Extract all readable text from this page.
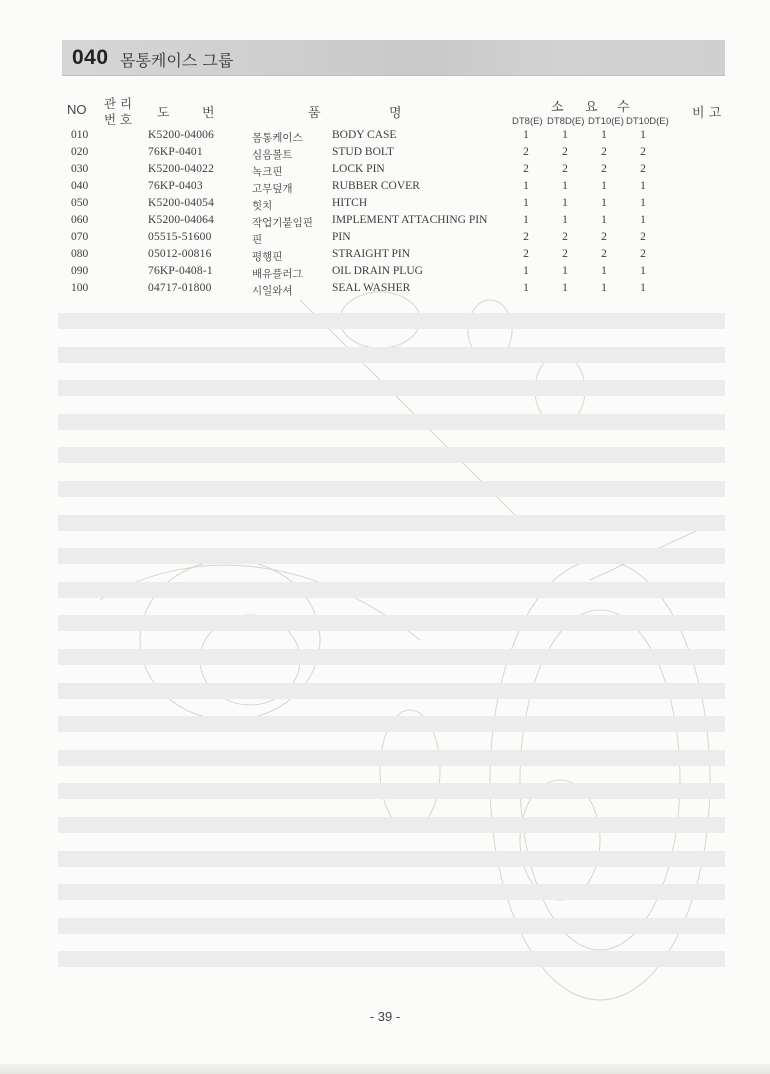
040 몸통케이스 그룹
NO 관 리
번 호 도 번	품	명	소 요 수	비 고
DT8(E) DT8D(E) DT10(E) DT10D(E)
010	K5200-04006	몸통케이스	BODY CASE	1	1	1	1
020	76KP-0401	심음볼트	STUD BOLT	2	2	2	2
030	K5200-04022	녹크핀	LOCK PIN	2	2	2	2
040	76KP-0403	고무덮개	RUBBER COVER	1	1	1	1
050	K5200-04054	힛치	HITCH	1	1	1	1
060	K5200-04064	작업기붙임핀 IMPLEMENT ATTACHING PIN	1	1	1	1
070	05515-51600	핀	PIN	2	2	2	2
080	05012-00816	평행핀	STRAIGHT PIN	2	2	2	2
090	76KP-0408-1	배유플러그	OIL DRAIN PLUG	1	1	1	1
100	04717-01800	시일와셔	SEAL WASHER	1	1	1	1
- 39 -
